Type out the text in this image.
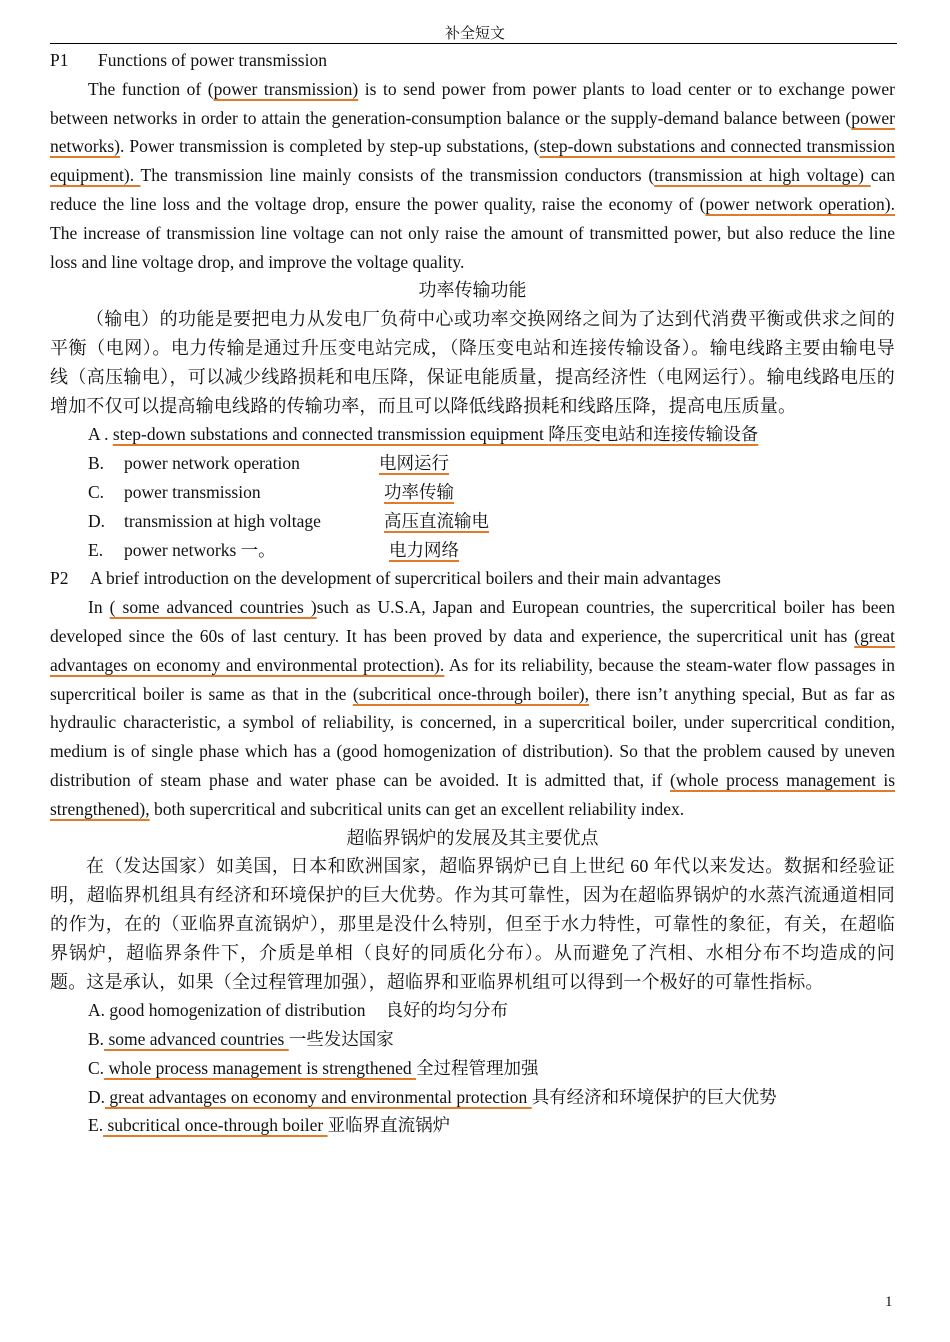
补全短文

P1 Functions of power transmission

The function of (power transmission) is to send power from power plants to load center or to exchange power between networks in order to attain the generation-consumption balance or the supply-demand balance between (power networks). Power transmission is completed by step-up substations, (step-down substations and connected transmission equipment). The transmission line mainly consists of the transmission conductors (transmission at high voltage) can reduce the line loss and the voltage drop, ensure the power quality, raise the economy of (power network operation). The increase of transmission line voltage can not only raise the amount of transmitted power, but also reduce the line loss and line voltage drop, and improve the voltage quality.

功率传输功能

（输电）的功能是要把电力从发电厂负荷中心或功率交换网络之间为了达到代消费平衡或供求之间的平衡（电网）。电力传输是通过升压变电站完成，（降压变电站和连接传输设备）。输电线路主要由输电导线（高压输电），可以减少线路损耗和电压降，保证电能质量，提高经济性（电网运行）。输电线路电压的增加不仅可以提高输电线路的传输功率，而且可以降低线路损耗和线路压降，提高电压质量。

A . step-down substations and connected transmission equipment 降压变电站和连接传输设备

B. power network operation	电网运行

C. power transmission	功率传输

D. transmission at high voltage	高压直流输电

E. power networks 一。	电力网络

P2 A brief introduction on the development of supercritical boilers and their main advantages

In ( some advanced countries )such as U.S.A, Japan and European countries, the supercritical boiler has been developed since the 60s of last century. It has been proved by data and experience, the supercritical unit has (great advantages on economy and environmental protection). As for its reliability, because the steam-water flow passages in supercritical boiler is same as that in the (subcritical once-through boiler), there isn’t anything special, But as far as hydraulic characteristic, a symbol of reliability, is concerned, in a supercritical boiler, under supercritical condition, medium is of single phase which has a (good homogenization of distribution). So that the problem caused by uneven distribution of steam phase and water phase can be avoided. It is admitted that, if (whole process management is strengthened), both supercritical and subcritical units can get an excellent reliability index.

超临界锅炉的发展及其主要优点

在（发达国家）如美国，日本和欧洲国家，超临界锅炉已自上世纪 60 年代以来发达。数据和经验证明，超临界机组具有经济和环境保护的巨大优势。作为其可靠性，因为在超临界锅炉的水蒸汽流通道相同的作为，在的（亚临界直流锅炉），那里是没什么特别，但至于水力特性，可靠性的象征，有关，在超临界锅炉，超临界条件下，介质是单相（良好的同质化分布）。从而避免了汽相、水相分布不均造成的问题。这是承认，如果（全过程管理加强），超临界和亚临界机组可以得到一个极好的可靠性指标。

A. good homogenization of distribution 良好的均匀分布

B. some advanced countries 一些发达国家

C. whole process management is strengthened 全过程管理加强

D. great advantages on economy and environmental protection 具有经济和环境保护的巨大优势

E. subcritical once-through boiler 亚临界直流锅炉

1
